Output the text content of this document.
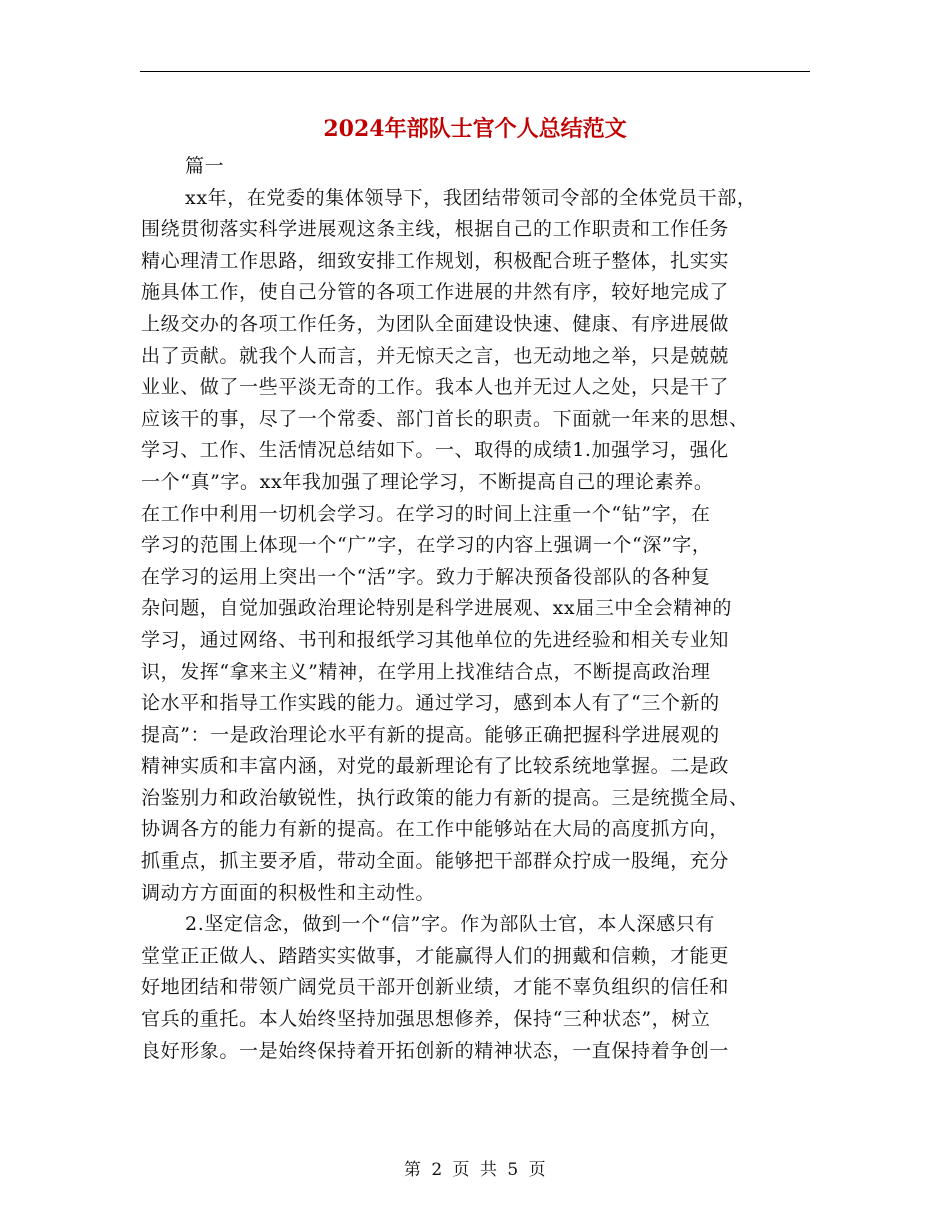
2024年部队士官个人总结范文
篇一
xx年，在党委的集体领导下，我团结带领司令部的全体党员干部，
围绕贯彻落实科学进展观这条主线，根据自己的工作职责和工作任务
精心理清工作思路，细致安排工作规划，积极配合班子整体，扎实实
施具体工作，使自己分管的各项工作进展的井然有序，较好地完成了
上级交办的各项工作任务，为团队全面建设快速、健康、有序进展做
出了贡献。就我个人而言，并无惊天之言，也无动地之举，只是兢兢
业业、做了一些平淡无奇的工作。我本人也并无过人之处，只是干了
应该干的事，尽了一个常委、部门首长的职责。下面就一年来的思想、
学习、工作、生活情况总结如下。一、取得的成绩1.加强学习，强化
一个“真”字。xx年我加强了理论学习，不断提高自己的理论素养。
在工作中利用一切机会学习。在学习的时间上注重一个“钻”字，在
学习的范围上体现一个“广”字，在学习的内容上强调一个“深”字，
在学习的运用上突出一个“活”字。致力于解决预备役部队的各种复
杂问题，自觉加强政治理论特别是科学进展观、xx届三中全会精神的
学习，通过网络、书刊和报纸学习其他单位的先进经验和相关专业知
识，发挥“拿来主义”精神，在学用上找准结合点，不断提高政治理
论水平和指导工作实践的能力。通过学习，感到本人有了“三个新的
提高”：一是政治理论水平有新的提高。能够正确把握科学进展观的
精神实质和丰富内涵，对党的最新理论有了比较系统地掌握。二是政
治鉴别力和政治敏锐性，执行政策的能力有新的提高。三是统揽全局、
协调各方的能力有新的提高。在工作中能够站在大局的高度抓方向，
抓重点，抓主要矛盾，带动全面。能够把干部群众拧成一股绳，充分
调动方方面面的积极性和主动性。
2.坚定信念，做到一个“信”字。作为部队士官，本人深感只有
堂堂正正做人、踏踏实实做事，才能赢得人们的拥戴和信赖，才能更
好地团结和带领广阔党员干部开创新业绩，才能不辜负组织的信任和
官兵的重托。本人始终坚持加强思想修养，保持“三种状态”，树立
良好形象。一是始终保持着开拓创新的精神状态，一直保持着争创一
第 2 页 共 5 页
